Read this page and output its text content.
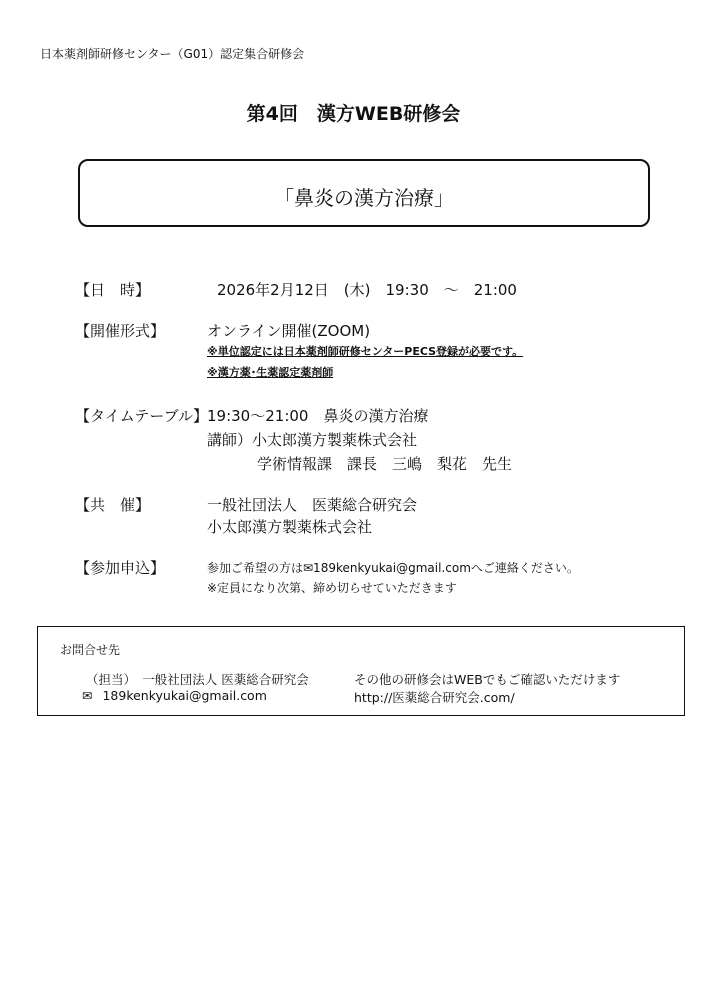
日本薬剤師研修センター（G01）認定集合研修会
第4回　漢方WEB研修会
「鼻炎の漢方治療」
【日　時】	2026年2月12日　(木)　19:30　～　21:00
【開催形式】	オンライン開催(ZOOM)
※単位認定には日本薬剤師研修センターPECS登録が必要です。
※漢方薬･生薬認定薬剤師
【タイムテーブル】
19:30～21:00　鼻炎の漢方治療
講師）小太郎漢方製薬株式会社
学術情報課　課長　三嶋　梨花　先生
【共　催】	一般社団法人　医薬総合研究会
小太郎漢方製薬株式会社
【参加申込】	参加ご希望の方は✉189kenkyukai@gmail.comへご連絡ください。
※定員になり次第、締め切らせていただきます
お問合せ先
（担当）　一般社団法人 医薬総合研究会
✉ 189kenkyukai@gmail.com
その他の研修会はWEBでもご確認いただけます
http://医薬総合研究会.com/
